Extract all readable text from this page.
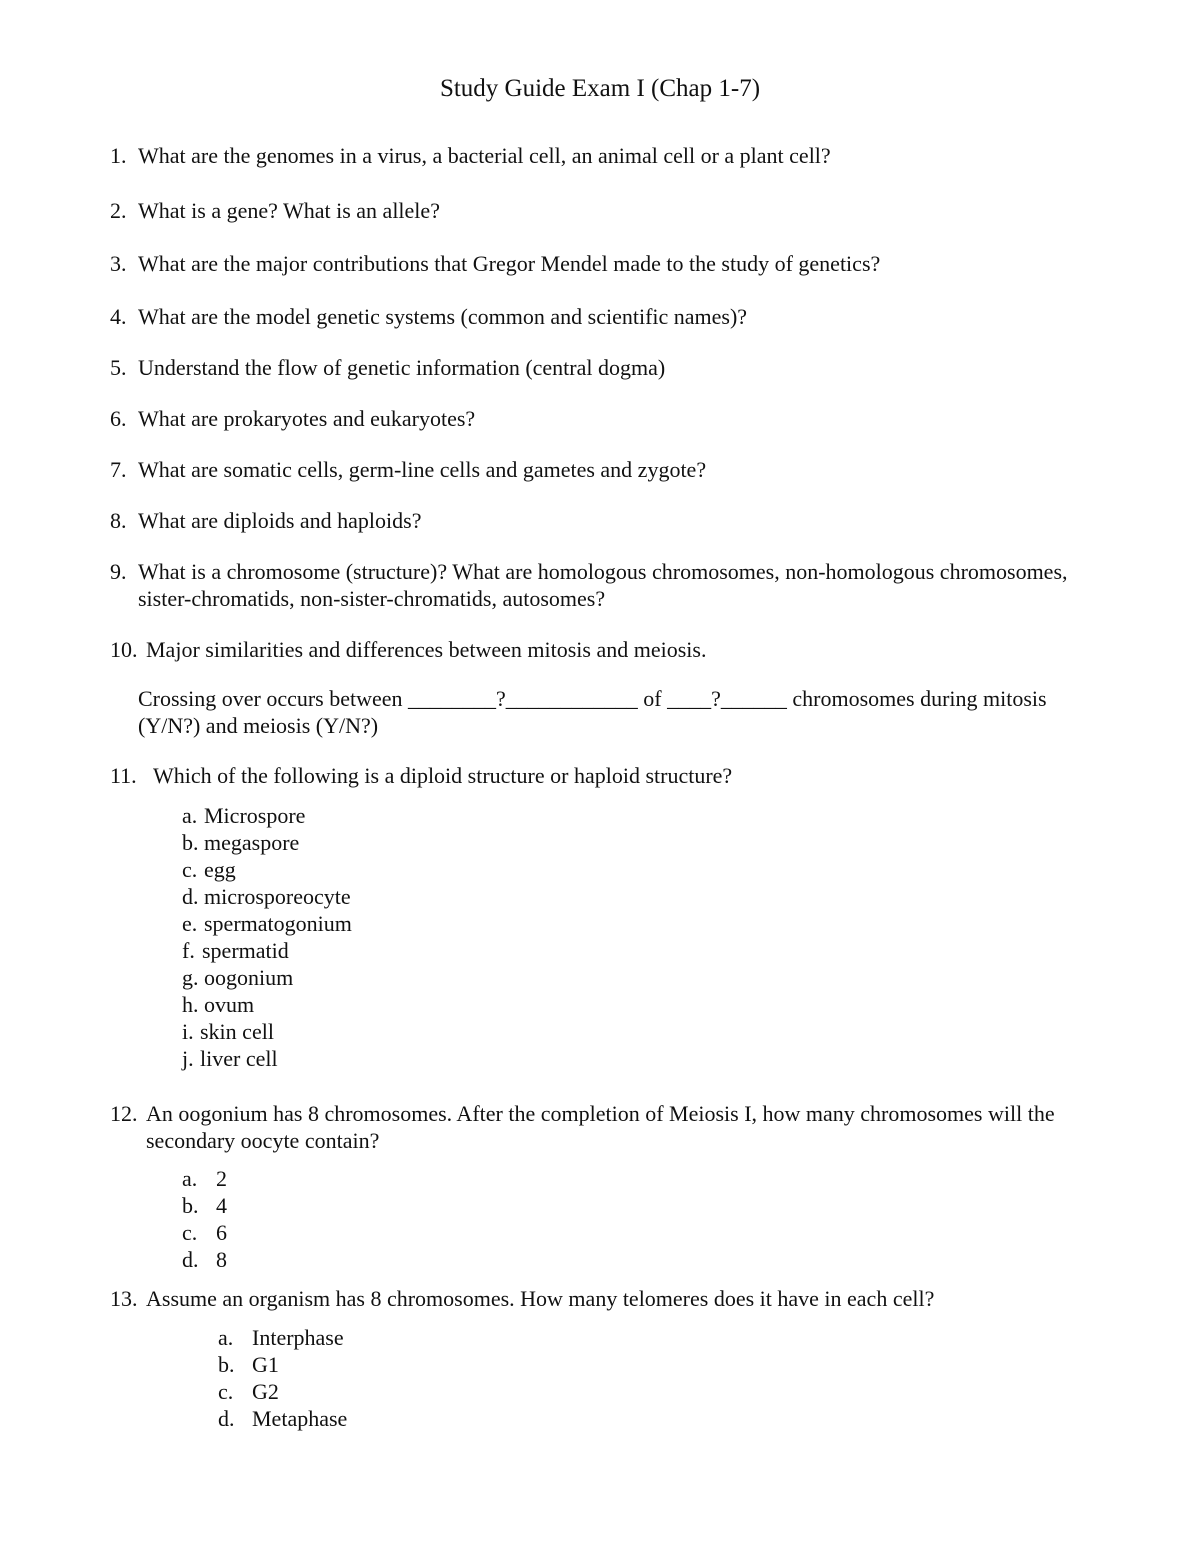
Study Guide Exam I (Chap 1-7)
1. What are the genomes in a virus, a bacterial cell, an animal cell or a plant cell?
2. What is a gene? What is an allele?
3. What are the major contributions that Gregor Mendel made to the study of genetics?
4. What are the model genetic systems (common and scientific names)?
5. Understand the flow of genetic information (central dogma)
6. What are prokaryotes and eukaryotes?
7. What are somatic cells, germ-line cells and gametes and zygote?
8. What are diploids and haploids?
9. What is a chromosome (structure)? What are homologous chromosomes, non-homologous chromosomes, sister-chromatids, non-sister-chromatids, autosomes?
10. Major similarities and differences between mitosis and meiosis.
Crossing over occurs between ________?____________ of ____?______ chromosomes during mitosis (Y/N?) and meiosis (Y/N?)
11. Which of the following is a diploid structure or haploid structure?
a. Microspore
b. megaspore
c. egg
d. microsporeocyte
e. spermatogonium
f. spermatid
g. oogonium
h. ovum
i. skin cell
j. liver cell
12. An oogonium has 8 chromosomes. After the completion of Meiosis I, how many chromosomes will the secondary oocyte contain?
a. 2
b. 4
c. 6
d. 8
13. Assume an organism has 8 chromosomes. How many telomeres does it have in each cell?
a. Interphase
b. G1
c. G2
d. Metaphase
